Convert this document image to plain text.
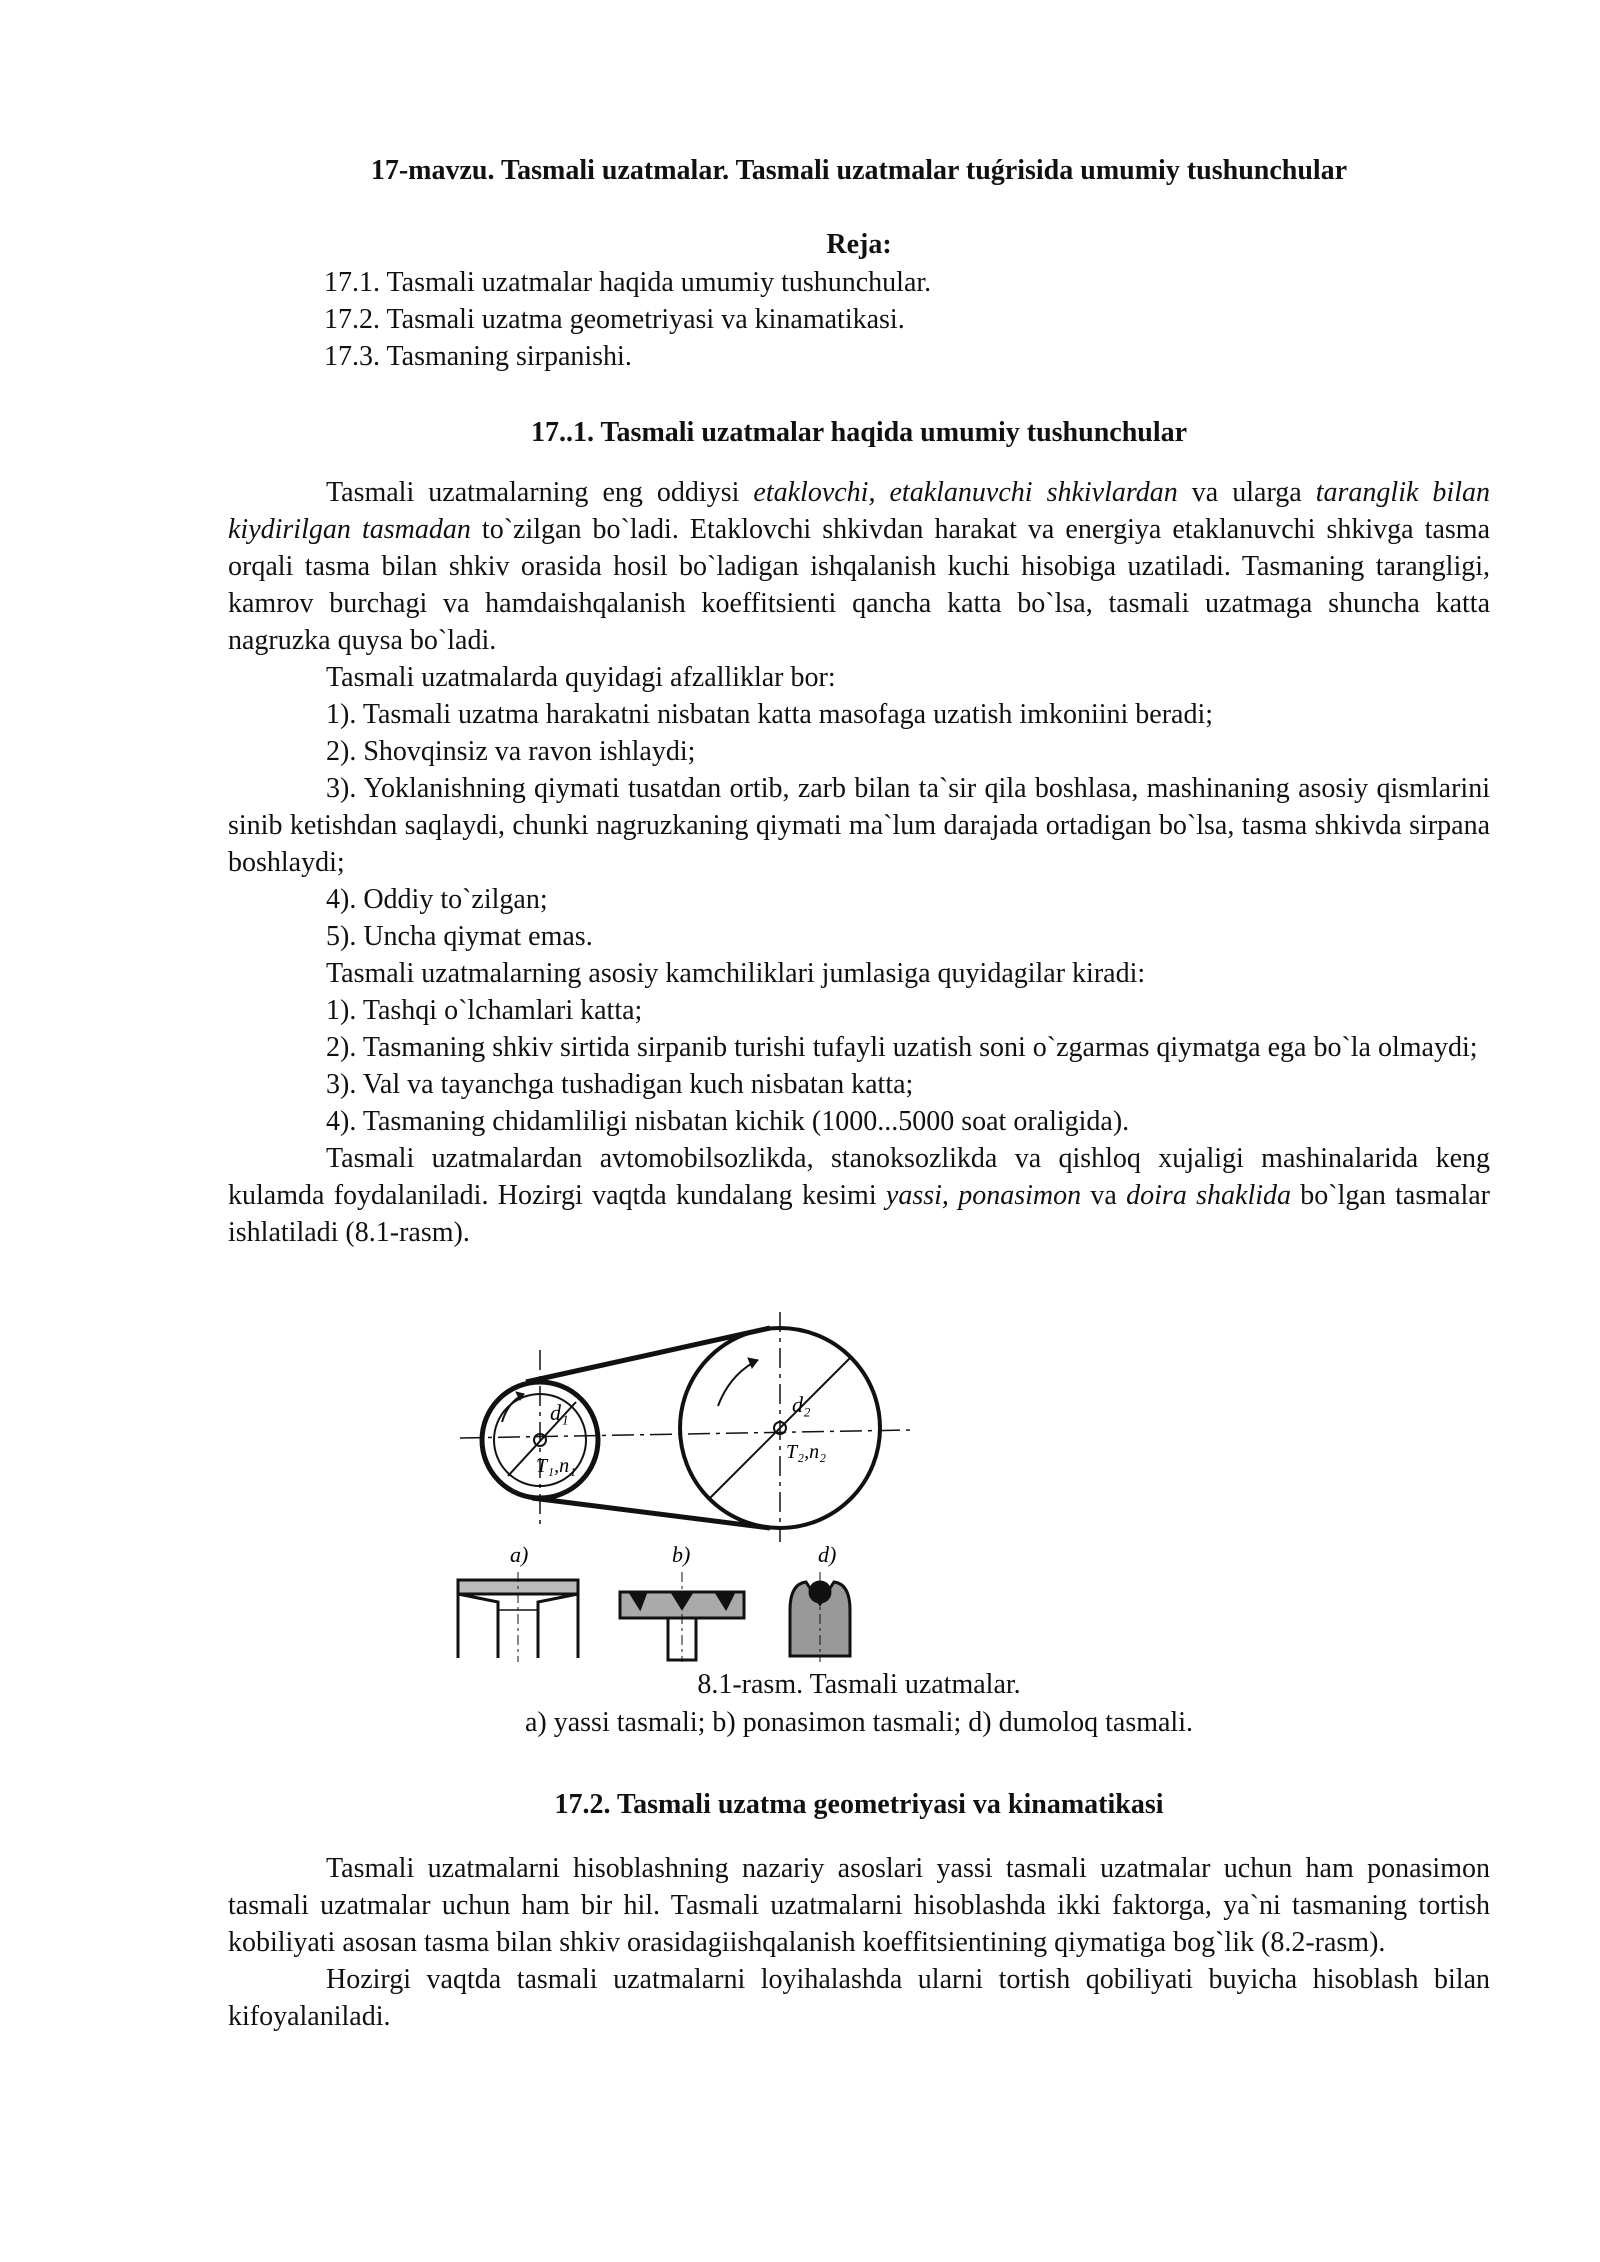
17-mavzu. Tasmali uzatmalar. Tasmali uzatmalar tuǵrisida umumiy tushunchular
Reja:
17.1. Tasmali uzatmalar haqida umumiy tushunchular.
17.2. Tasmali uzatma geometriyasi va kinamatikasi.
17.3. Tasmaning sirpanishi.
17..1. Tasmali uzatmalar haqida umumiy tushunchular

Tasmali uzatmalarning eng oddiysi etaklovchi, etaklanuvchi shkivlardan va ularga taranglik bilan kiydirilgan tasmadan to`zilgan bo`ladi. Etaklovchi shkivdan harakat va energiya etaklanuvchi shkivga tasma orqali tasma bilan shkiv orasida hosil bo`ladigan ishqalanish kuchi hisobiga uzatiladi. Tasmaning tarangligi, kamrov burchagi va hamdaishqalanish koeffitsienti qancha katta bo`lsa, tasmali uzatmaga shuncha katta nagruzka quysa bo`ladi.

Tasmali uzatmalarda quyidagi afzalliklar bor:

1). Tasmali uzatma harakatni nisbatan katta masofaga uzatish imkoniini beradi;

2). Shovqinsiz va ravon ishlaydi;

3). Yoklanishning qiymati tusatdan ortib, zarb bilan ta`sir qila boshlasa, mashinaning asosiy qismlarini sinib ketishdan saqlaydi, chunki nagruzkaning qiymati ma`lum darajada ortadigan bo`lsa, tasma shkivda sirpana boshlaydi;

4). Oddiy to`zilgan;

5). Uncha qiymat emas.

Tasmali uzatmalarning asosiy kamchiliklari jumlasiga quyidagilar kiradi:

1). Tashqi o`lchamlari katta;

2). Tasmaning shkiv sirtida sirpanib turishi tufayli uzatish soni o`zgarmas qiymatga ega bo`la olmaydi;

3). Val va tayanchga tushadigan kuch nisbatan katta;

4). Tasmaning chidamliligi nisbatan kichik (1000...5000 soat oraligida).

Tasmali uzatmalardan avtomobilsozlikda, stanoksozlikda va qishloq xujaligi mashinalarida keng kulamda foydalaniladi. Hozirgi vaqtda kundalang kesimi yassi, ponasimon va doira shaklida bo`lgan tasmalar ishlatiladi (8.1-rasm).

d₁	d₂
T₁,n₁
T₂,n₂
a)	b)	d)
8.1-rasm. Tasmali uzatmalar.
a) yassi tasmali; b) ponasimon tasmali; d) dumoloq tasmali.
17.2. Tasmali uzatma geometriyasi va kinamatikasi

Tasmali uzatmalarni hisoblashning nazariy asoslari yassi tasmali uzatmalar uchun ham ponasimon tasmali uzatmalar uchun ham bir hil. Tasmali uzatmalarni hisoblashda ikki faktorga, ya`ni tasmaning tortish kobiliyati asosan tasma bilan shkiv orasidagiishqalanish koeffitsientining qiymatiga bog`lik (8.2-rasm).

Hozirgi vaqtda tasmali uzatmalarni loyihalashda ularni tortish qobiliyati buyicha hisoblash bilan kifoyalaniladi.
